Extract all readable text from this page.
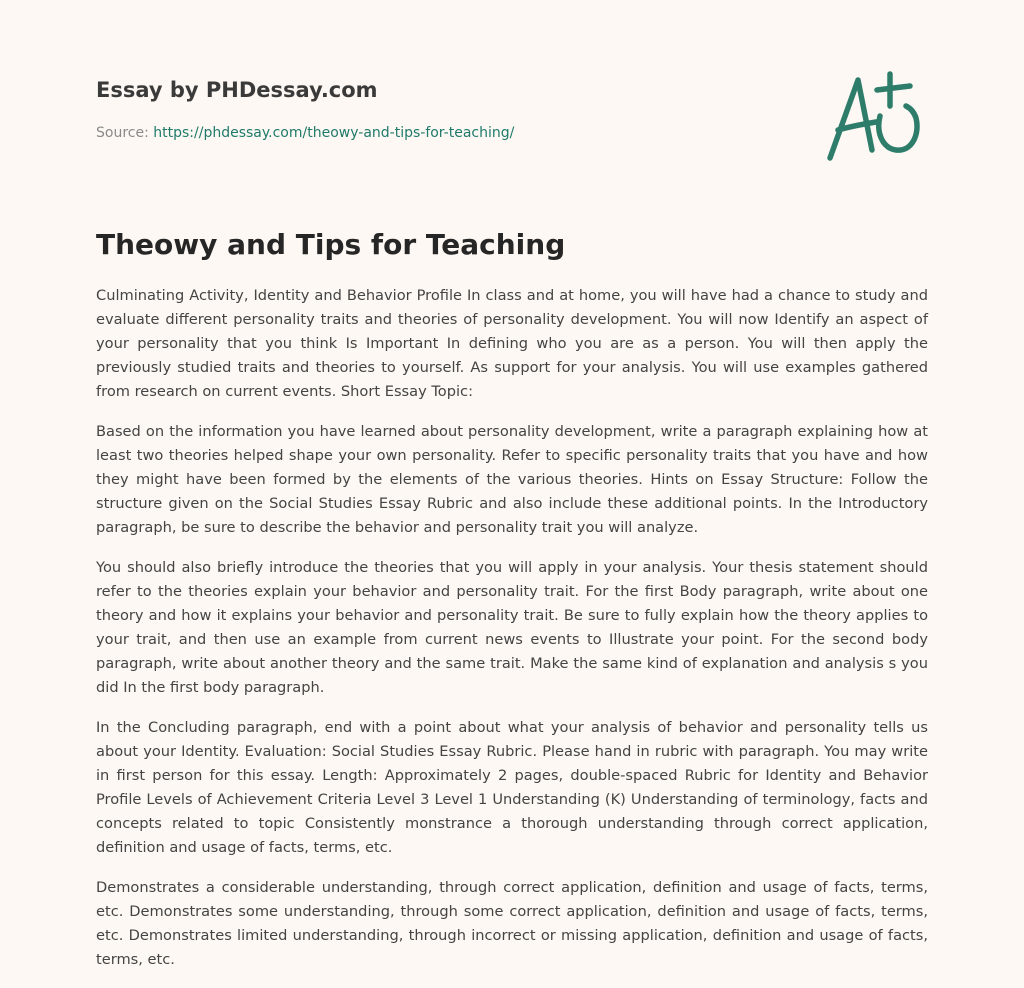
Essay by PHDessay.com
Source: https://phdessay.com/theowy-and-tips-for-teaching/
Theowy and Tips for Teaching

Culminating Activity, Identity and Behavior Profile In class and at home, you will have had a chance to study and evaluate different personality traits and theories of personality development. You will now Identify an aspect of your personality that you think Is Important In defining who you are as a person. You will then apply the previously studied traits and theories to yourself. As support for your analysis. You will use examples gathered from research on current events. Short Essay Topic:

Based on the information you have learned about personality development, write a paragraph explaining how at least two theories helped shape your own personality. Refer to specific personality traits that you have and how they might have been formed by the elements of the various theories. Hints on Essay Structure: Follow the structure given on the Social Studies Essay Rubric and also include these additional points. In the Introductory paragraph, be sure to describe the behavior and personality trait you will analyze.

You should also briefly introduce the theories that you will apply in your analysis. Your thesis statement should refer to the theories explain your behavior and personality trait. For the first Body paragraph, write about one theory and how it explains your behavior and personality trait. Be sure to fully explain how the theory applies to your trait, and then use an example from current news events to Illustrate your point. For the second body paragraph, write about another theory and the same trait. Make the same kind of explanation and analysis s you did In the first body paragraph.

In the Concluding paragraph, end with a point about what your analysis of behavior and personality tells us about your Identity. Evaluation: Social Studies Essay Rubric. Please hand in rubric with paragraph. You may write in first person for this essay. Length: Approximately 2 pages, double-spaced Rubric for Identity and Behavior Profile Levels of Achievement Criteria Level 3 Level 1 Understanding (K) Understanding of terminology, facts and concepts related to topic Consistently monstrance a thorough understanding through correct application, definition and usage of facts, terms, etc.

Demonstrates a considerable understanding, through correct application, definition and usage of facts, terms, etc. Demonstrates some understanding, through some correct application, definition and usage of facts, terms, etc. Demonstrates limited understanding, through incorrect or missing application, definition and usage of facts, terms, etc.
